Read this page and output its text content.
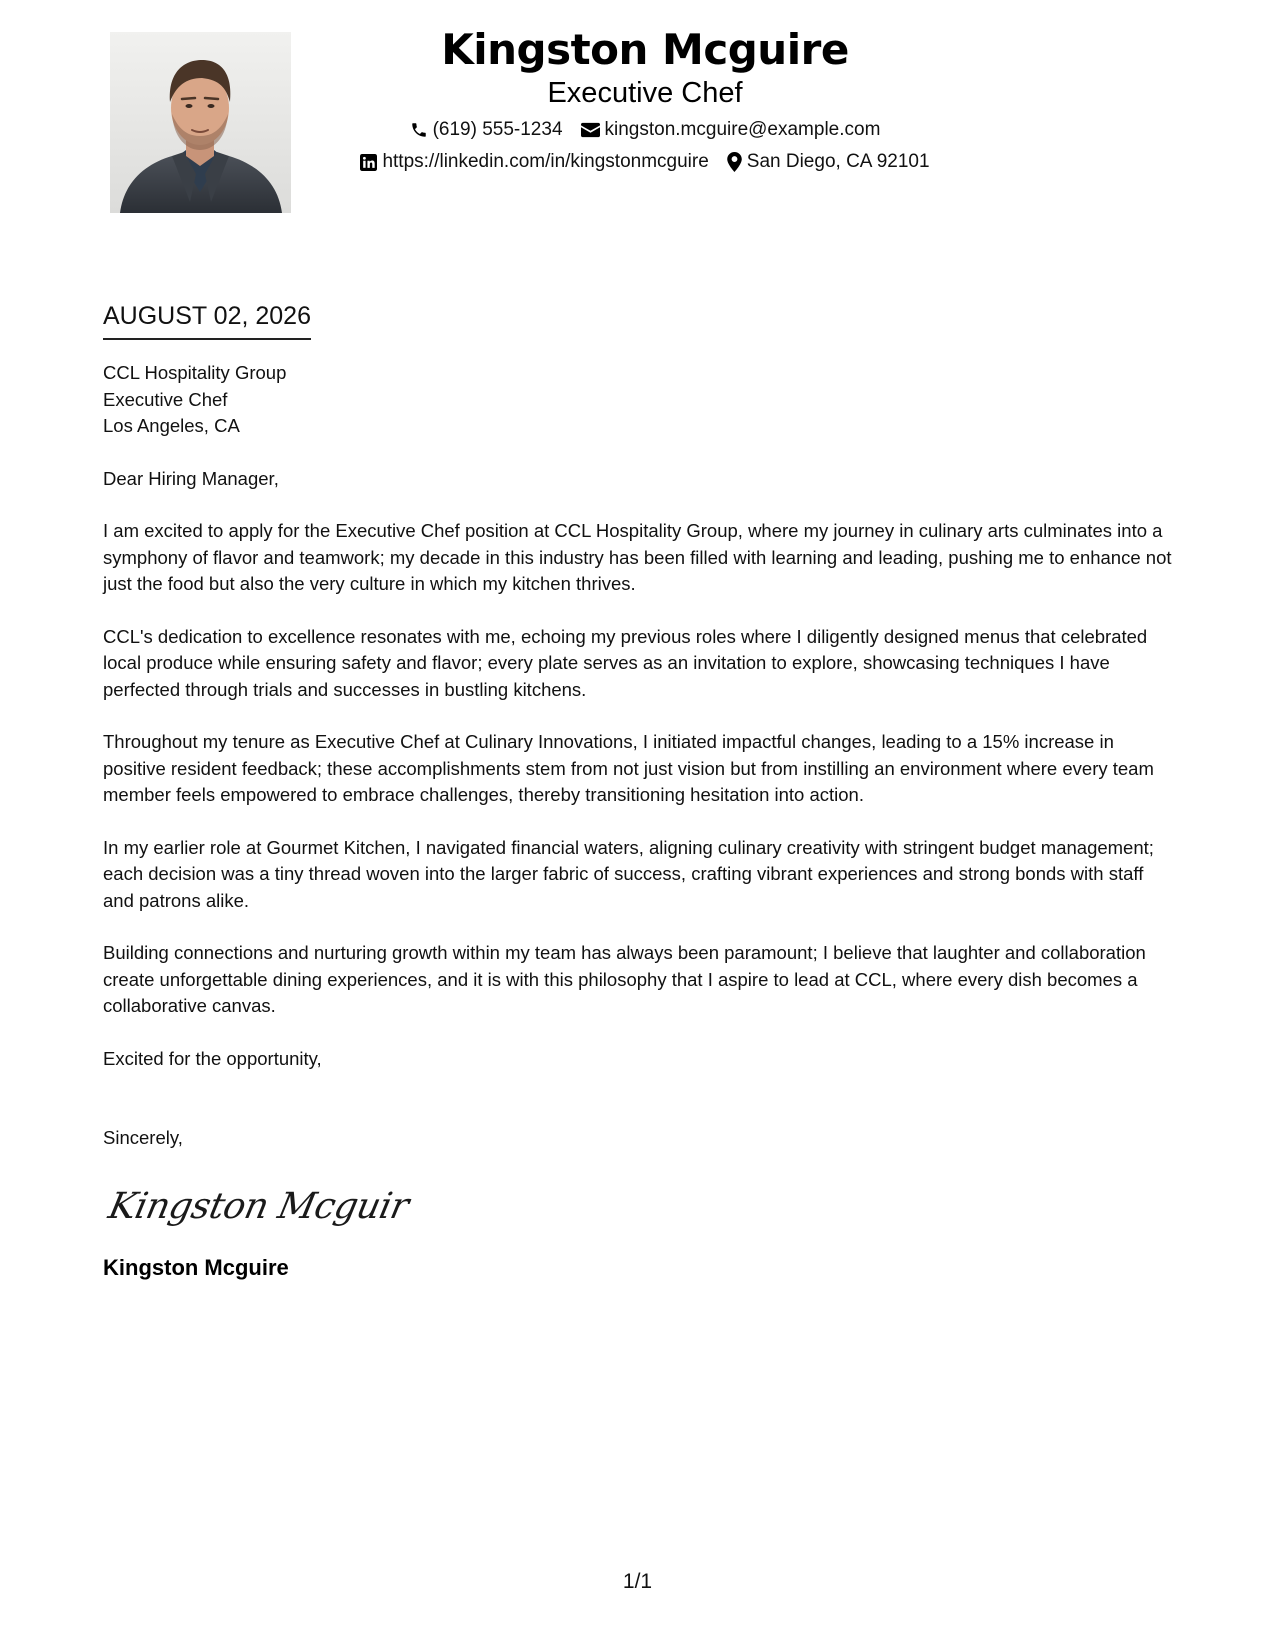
Kingston Mcguire
Executive Chef
(619) 555-1234 kingston.mcguire@example.com
https://linkedin.com/in/kingstonmcguire San Diego, CA 92101
AUGUST 02, 2026

CCL Hospitality Group

Executive Chef

Los Angeles, CA

Dear Hiring Manager,

I am excited to apply for the Executive Chef position at CCL Hospitality Group, where my journey in culinary arts culminates into a symphony of flavor and teamwork; my decade in this industry has been filled with learning and leading, pushing me to enhance not just the food but also the very culture in which my kitchen thrives.

CCL's dedication to excellence resonates with me, echoing my previous roles where I diligently designed menus that celebrated local produce while ensuring safety and flavor; every plate serves as an invitation to explore, showcasing techniques I have perfected through trials and successes in bustling kitchens.

Throughout my tenure as Executive Chef at Culinary Innovations, I initiated impactful changes, leading to a 15% increase in positive resident feedback; these accomplishments stem from not just vision but from instilling an environment where every team member feels empowered to embrace challenges, thereby transitioning hesitation into action.

In my earlier role at Gourmet Kitchen, I navigated financial waters, aligning culinary creativity with stringent budget management; each decision was a tiny thread woven into the larger fabric of success, crafting vibrant experiences and strong bonds with staff and patrons alike.

Building connections and nurturing growth within my team has always been paramount; I believe that laughter and collaboration create unforgettable dining experiences, and it is with this philosophy that I aspire to lead at CCL, where every dish becomes a collaborative canvas.

Excited for the opportunity,

Sincerely,

Kingston Mcguir
Kingston Mcguire
1/1
